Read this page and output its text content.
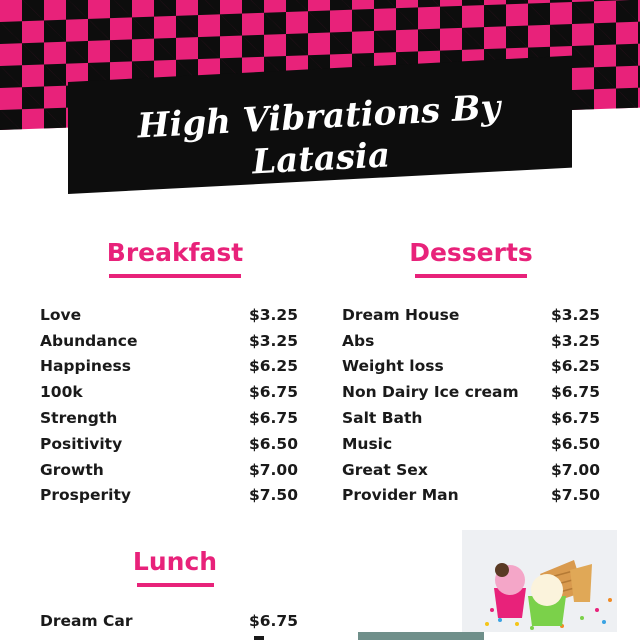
High Vibrations By
Latasia
Breakfast
Love	$3.25
Abundance	$3.25
Happiness	$6.25
100k	$6.75
Strength	$6.75
Positivity	$6.50
Growth	$7.00
Prosperity	$7.50
Desserts
Dream House	$3.25
Abs	$3.25
Weight loss	$6.25
Non Dairy Ice cream $6.75
Salt Bath	$6.75
Music	$6.50
Great Sex	$7.00
Provider Man	$7.50
Lunch
Dream Car	$6.75
